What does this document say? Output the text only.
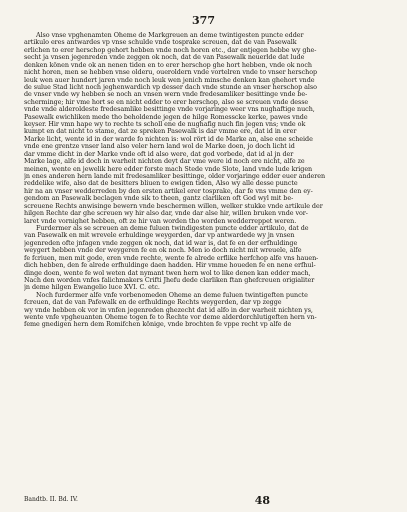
377
Also vnse vpghenamten Oheme de Markgreuen an deme twintigesten puncte edder
artikulo eres antwardes vp vnse schulde vnde tosprake screuen, dat de van Pasewalk
erlichen to erer herschop gehort hebben vnde noch horen etc., dar entjegen hebbe wy ghe-
secht ja vnsen jegenreden vnde zeggen ok noch, dat de van Pasewalk neuerlde dat lude
denken könen vnde ok an nenen tiden en to erer herschop ghe hort hebben, vnde ok noch
nicht horen, men se hebben vnse olderu, oueroldern vnde vortelren vnde to vnser herschop
leuk wen auer hundert jaren vnde noch leuk wen jenich minsche denken kan ghehort vnde
de sulue Stad licht noch jeghenwardich vp desser dach vnde stunde an vnser herschop also
de vnser vnde wy hebben se noch an vnsen wern vnde fredesamliker besittinge vnde be-
scherminge; hir vme hort se en nicht edder to erer herschop, also se screuen vnde desse
vnde vnde alderoldeste fredesamlike besittinge vnde vorjaringe weer vns nughaftige nuch,
Pasewalk ewichliken mede tho beholdende jegen de hilge Romesscke kerke, pawes vnde
keyser. Hir vmn hape wy to rechte ts scholl ene de nughafig nuch fin jegen vns; vnde ok
kumpt en dat nicht to stame, dat ze spreken Pasewalk is dar vmme ere, dat id in erer
Marke licht, wente id in der warde fo nichten is: wol rört id de Marke an, alse ene scheide
vnde ene grentze vnser land also veler hern land wol de Marke doen, jo doch licht id
dar vmme dicht in der Marke vnde oft id also were, dat god vorbede, dat id al jn der
Marke lage, alfe id doch in warheit nichten deyt dar vme were id noch ere nicht, alfe ze
meinen, wente en jewelik here edder forste mach Stede vnde Slote, land vnde lude krigen
jn enes anderen hern lande mit fredesamliker besittinge, older vorjaringe edder euer anderen
reddelike wife, also dat de besitters bliuen to ewigen tiden, Also wy alle desse puncte
hir na an vnser wedderreden by den ersten artikel erer tosprake, dar fe vns vmme den ey-
gendom an Pasewalk beclagen vnde sik to theen, gantz clarliken oft God wyl mit be-
screuene Rechts anwisinge bewern vnde beschermen willen, welker stukke vnde artikule der
hilgen Rechte dar ghe screuen wy hir also dar, vnde dar alse hir, willen bruken vnde vor-
laret vnde vornighet hebben, oft ze hir van worden tho worden wedderreppet weren.
Furdermer als se screuen an deme fuluen twindigesten puncte edder artikulo, dat de
van Pasewalk en mit wrevele erhuldinge weygerden, dar vp antwardede wy jn vnsen
jegenreden ofte jnfagen vnde zeggen ok noch, dat id war is, dat fe en der erfhuldinge
weygert hebben vnde der weygeren fe en ok noch. Men io doch nicht mit wreuele, alfe
fe fcriuen, men mit gode, eren vnde rechte, wente fe alrede erflike herfchop alfe vns hauen-
dich hebben, den fe alrede erfhuldinge daen hadden. Hir vmme houeden fe en nene erfhul-
dinge doen, wente fe wol weten dat nymant twen hern wol to like denen kan edder mach,
Nach den worden vnfes falichmakers Crifti Jhefu dede clarliken ftan ghefcreuen origialiter
jn deme hilgen Ewangelio luce XVI. C. etc.
Noch furdermer alfe vnfe vorbenomeden Oheme an deme fuluen twintigeften puncte
fcreuen, dat de van Pafewalk en de erfhuldinge Rechts weygerden, dar vp zegge
wy vnde hebben ok vor in vnfen jegenreden ghezecht dat id alfo in der warheit nichten ys,
wente vnfe vpgheuanten Oheme togen fe to Rechte vor deme alderdorchlutigeften hern vn-
feme gnedigen hern dem Romifchen könige, vnde brochten fe vppe recht vp alfe de
Bandtb. II. Bd. IV.	48
